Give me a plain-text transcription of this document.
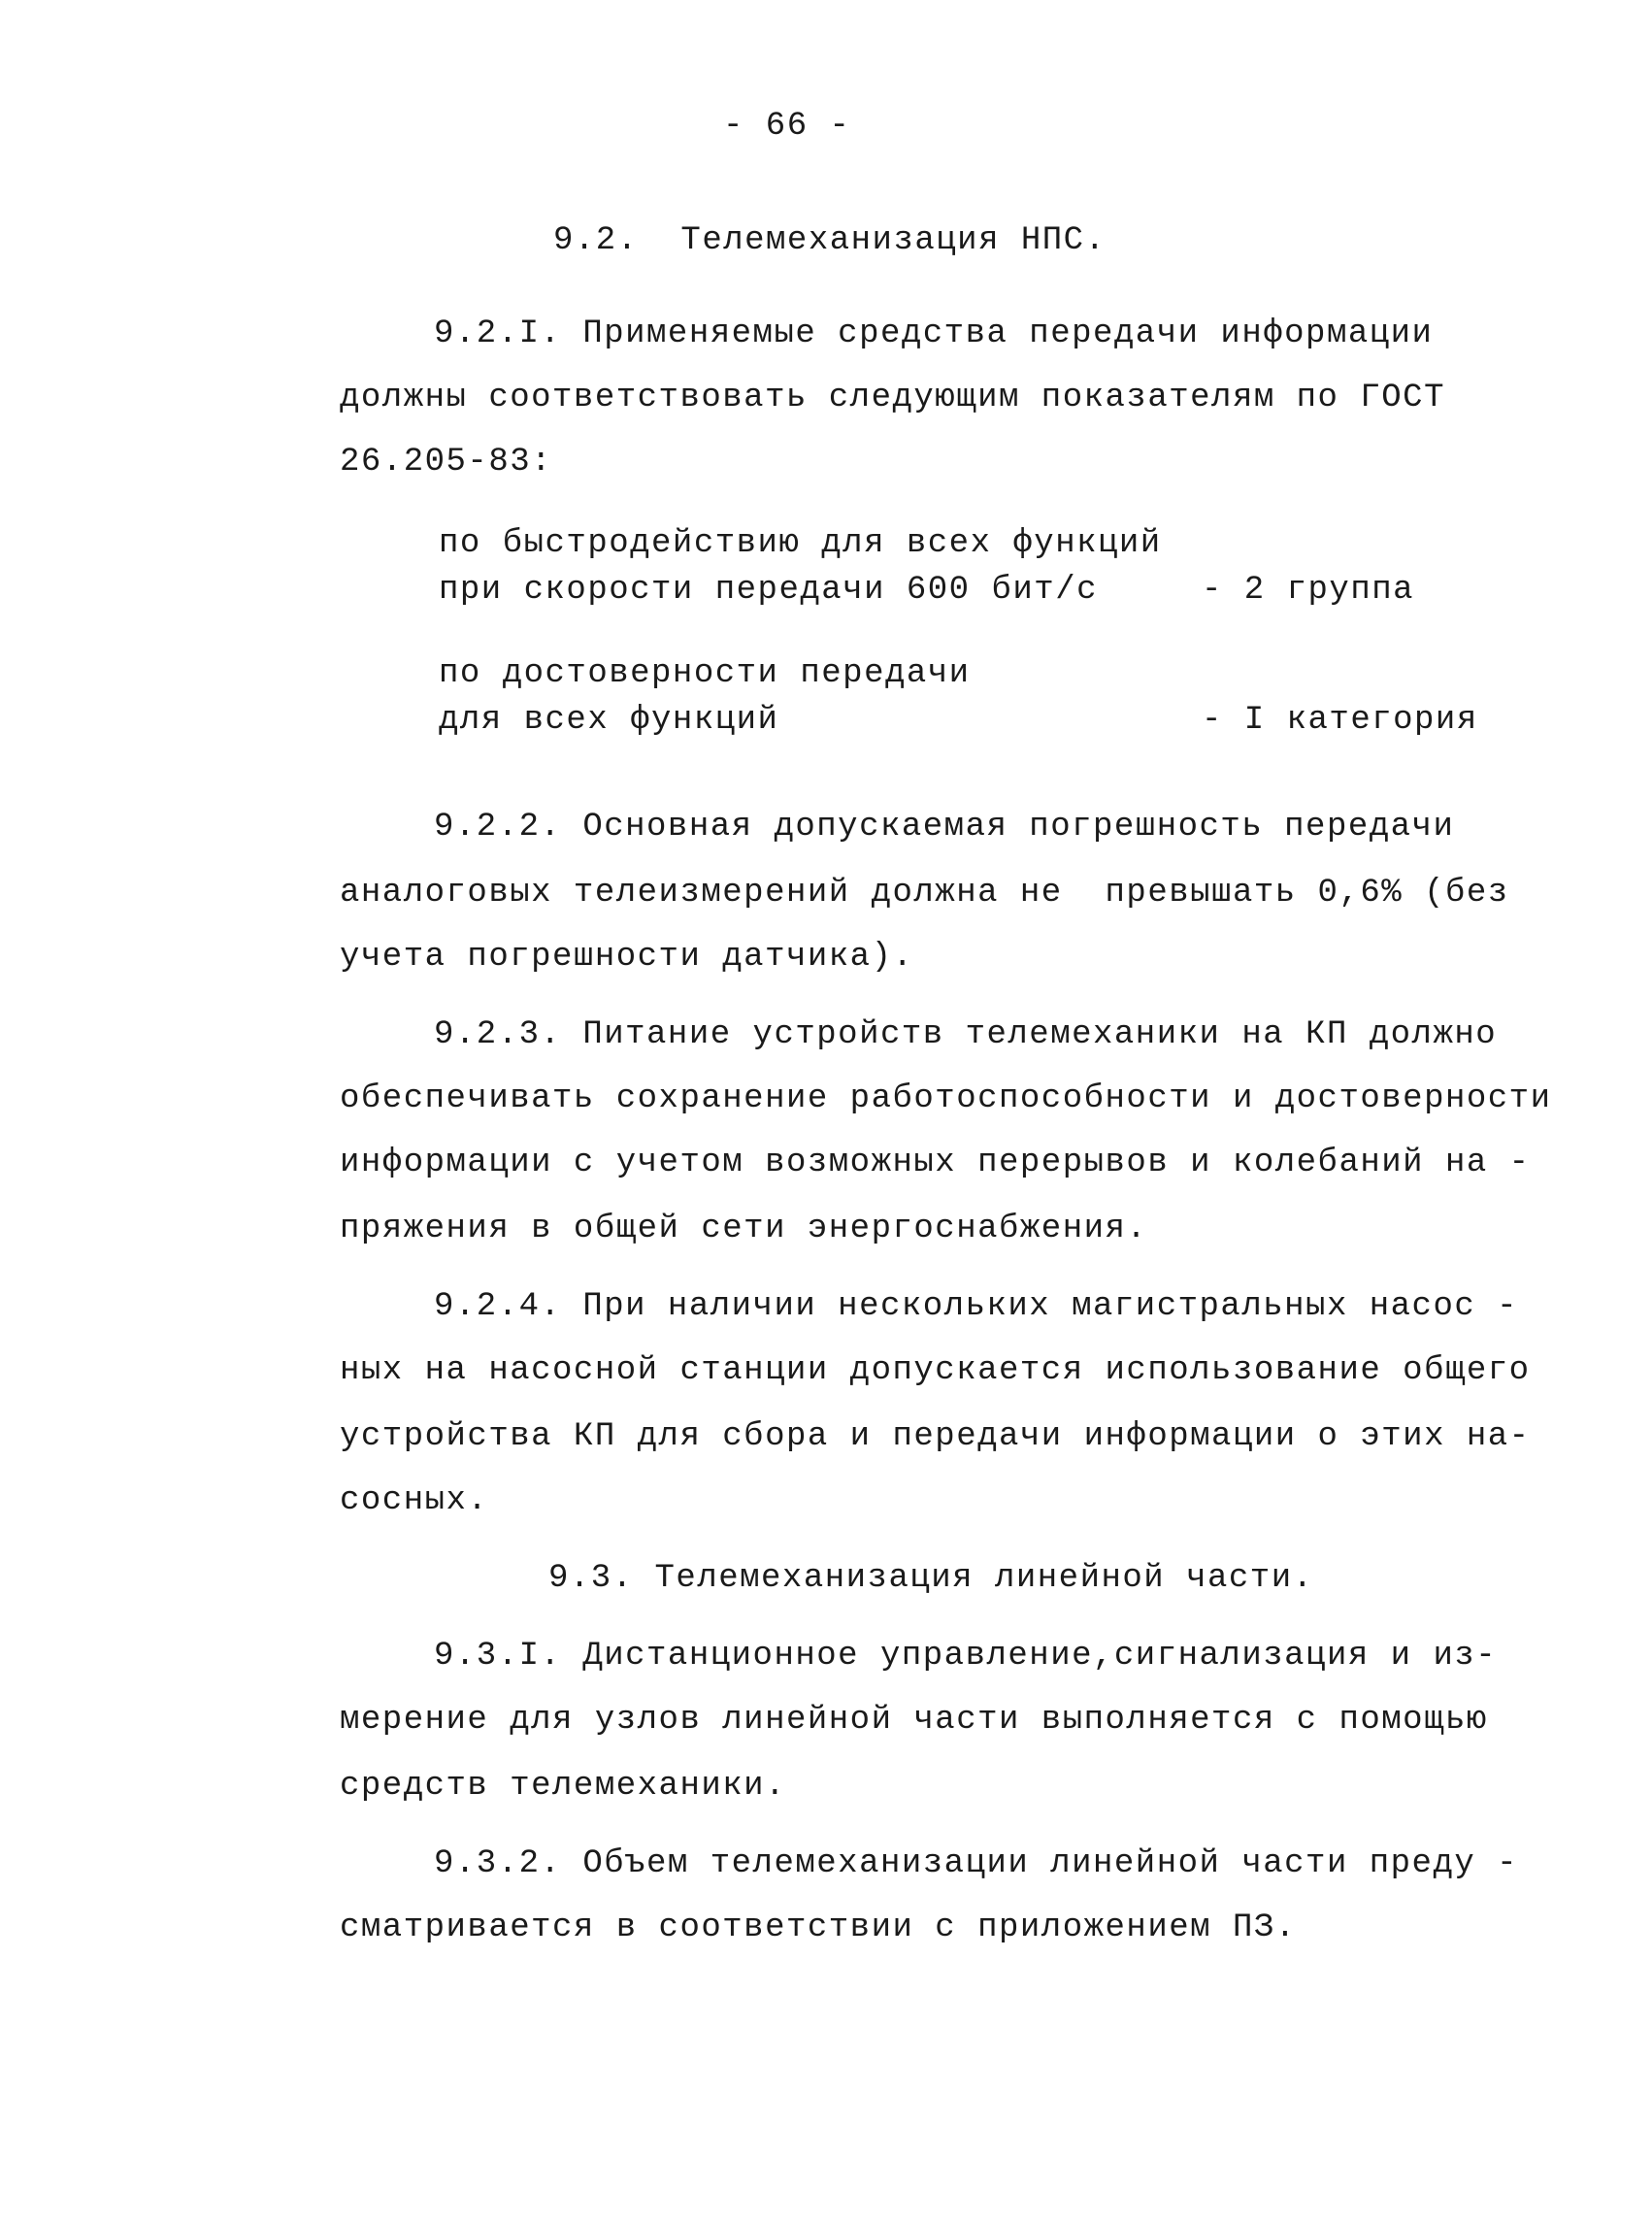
- 66 -
9.2.  Телемеханизация НПС.
9.2.I. Применяемые средства передачи информации
должны соответствовать следующим показателям по ГОСТ
26.205-83:
по быстродействию для всех функций
при скорости передачи 600 бит/с	- 2 группа
по достоверности передачи
для всех функций	- I категория
9.2.2. Основная допускаемая погрешность передачи
аналоговых телеизмерений должна не  превышать 0,6% (без
учета погрешности датчика).
9.2.3. Питание устройств телемеханики на КП должно
обеспечивать сохранение работоспособности и достоверности
информации с учетом возможных перерывов и колебаний на -
пряжения в общей сети энергоснабжения.
9.2.4. При наличии нескольких магистральных насос -
ных на насосной станции допускается использование общего
устройства КП для сбора и передачи информации о этих на-
сосных.
9.3. Телемеханизация линейной части.
9.3.I. Дистанционное управление,сигнализация и из-
мерение для узлов линейной части выполняется с помощью
средств телемеханики.
9.3.2. Объем телемеханизации линейной части преду -
сматривается в соответствии с приложением ПЗ.
